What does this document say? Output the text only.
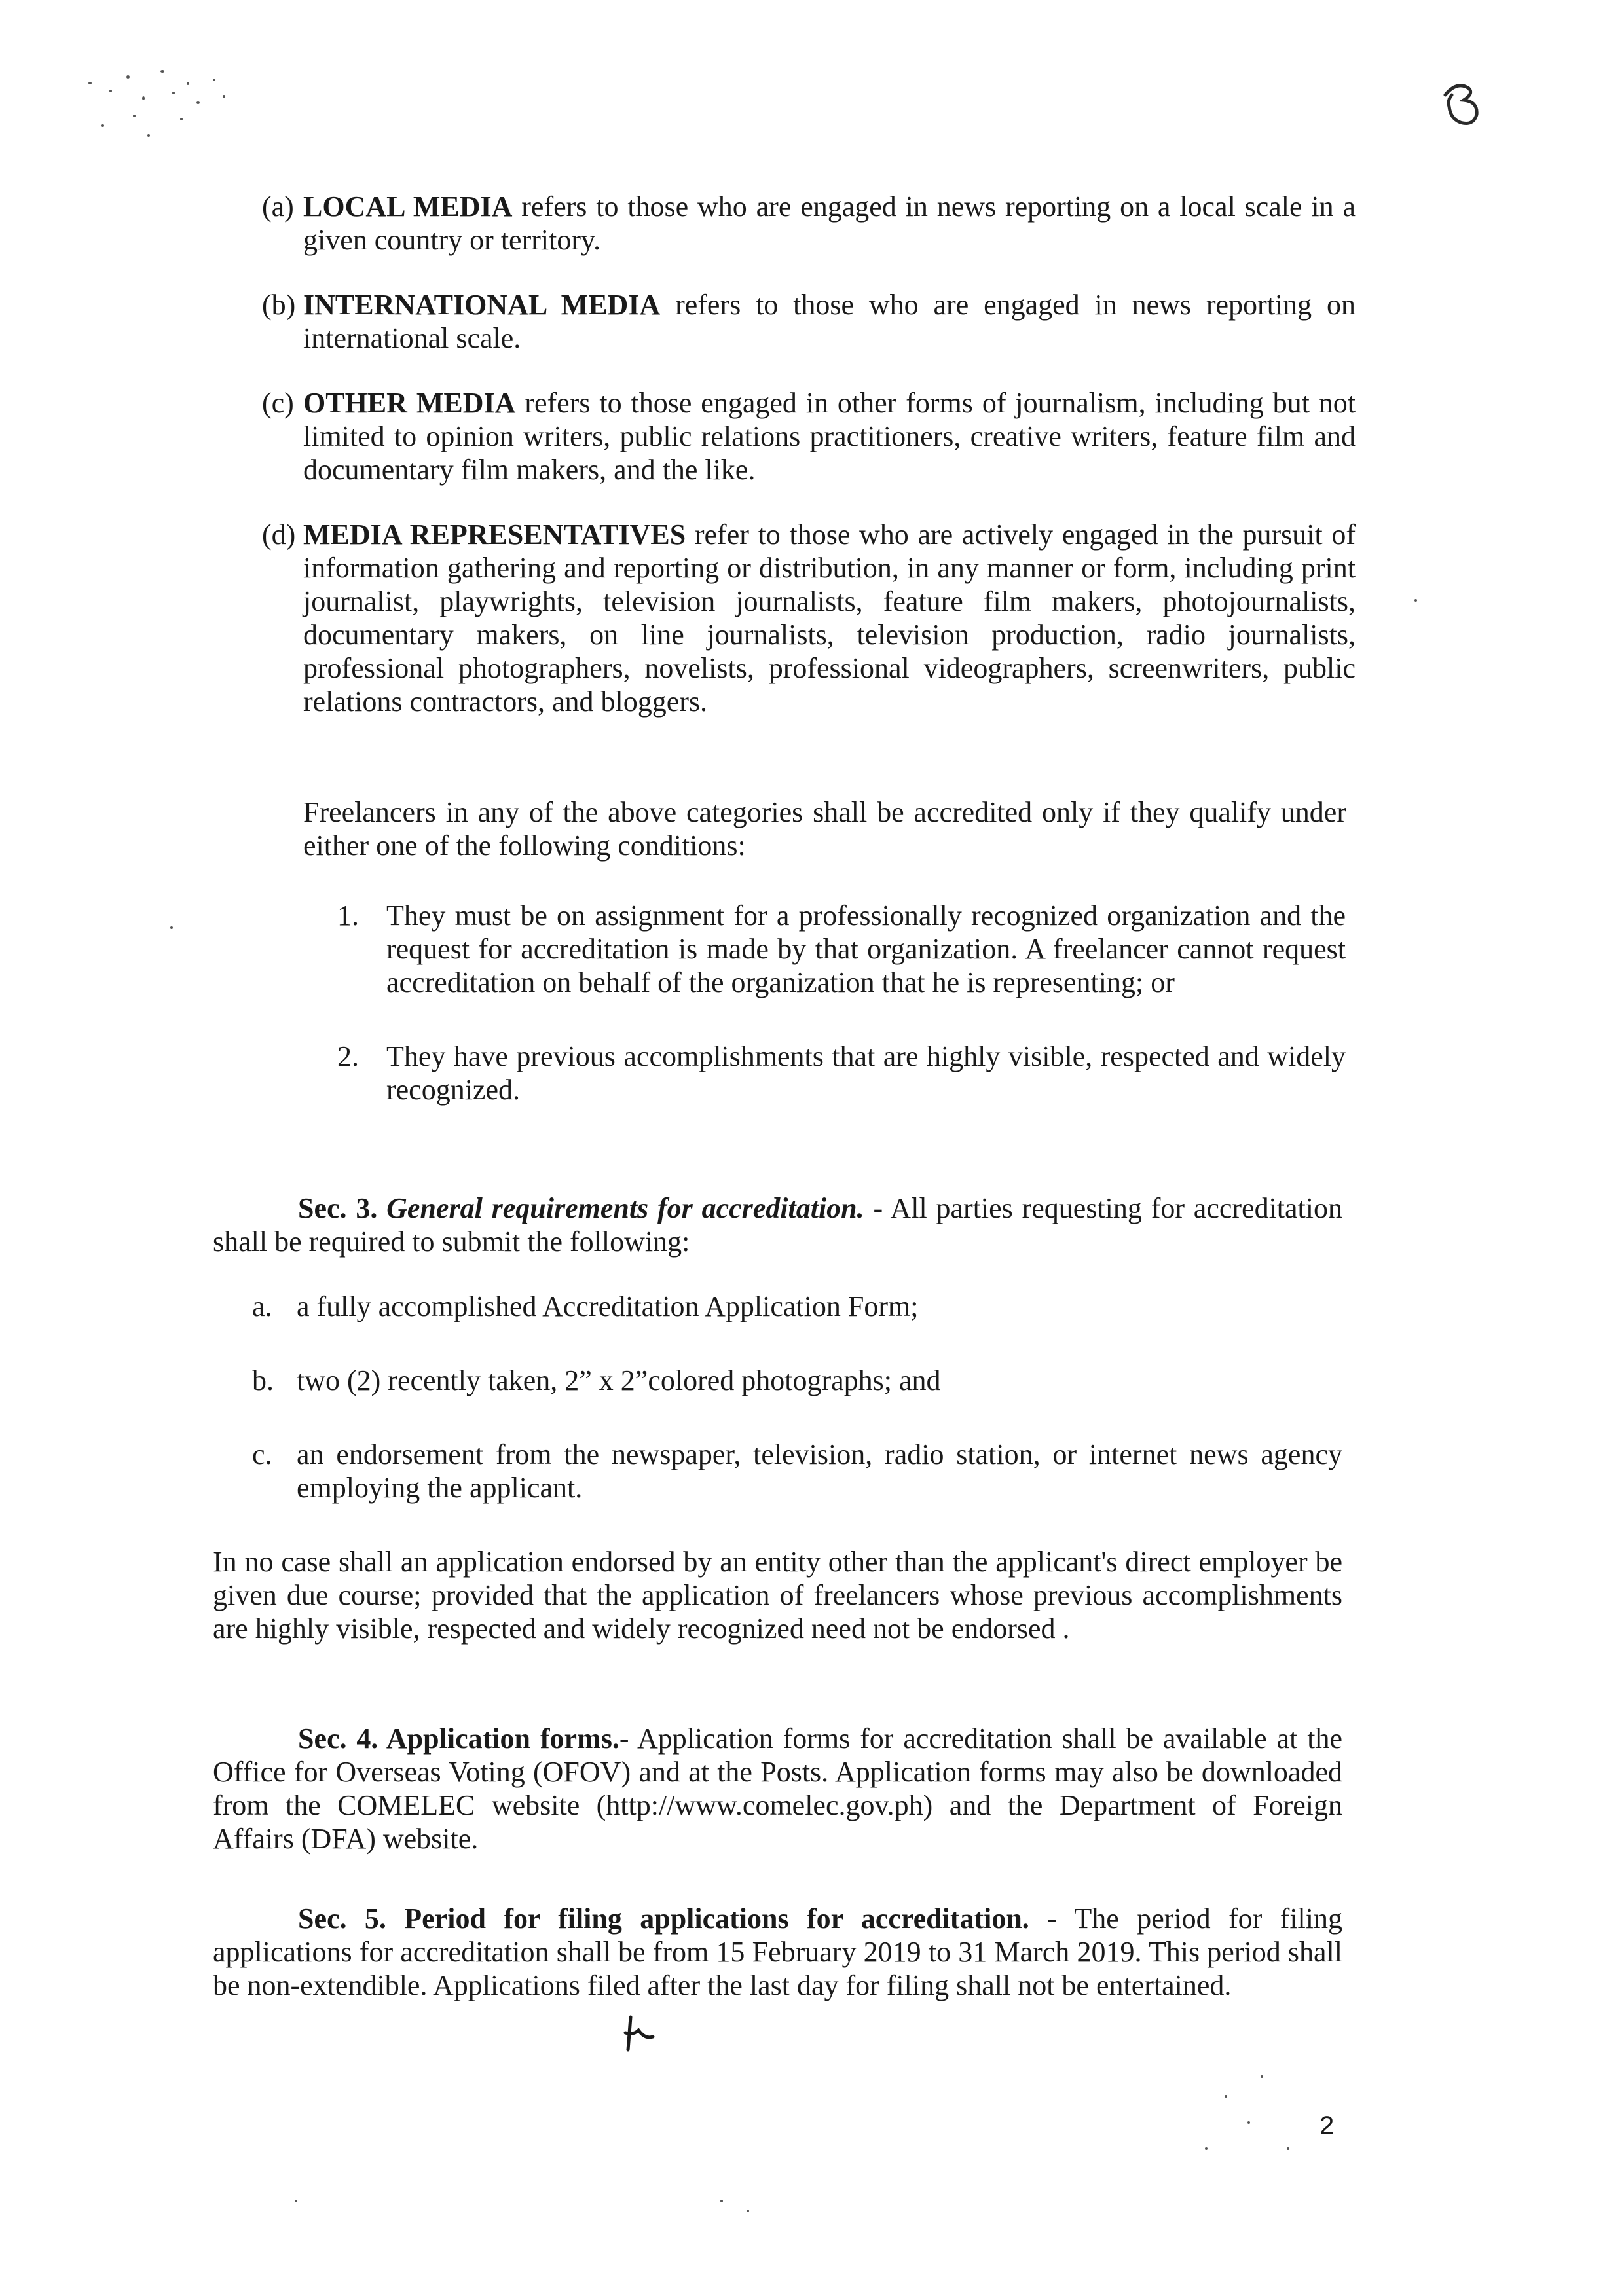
(a) LOCAL MEDIA refers to those who are engaged in news reporting on a local scale in a given country or territory.
(b) INTERNATIONAL MEDIA refers to those who are engaged in news reporting on international scale.
(c) OTHER MEDIA refers to those engaged in other forms of journalism, including but not limited to opinion writers, public relations practitioners, creative writers, feature film and documentary film makers, and the like.
(d) MEDIA REPRESENTATIVES refer to those who are actively engaged in the pursuit of information gathering and reporting or distribution, in any manner or form, including print journalist, playwrights, television journalists, feature film makers, photojournalists, documentary makers, on line journalists, television production, radio journalists, professional photographers, novelists, professional videographers, screenwriters, public relations contractors, and bloggers.
Freelancers in any of the above categories shall be accredited only if they qualify under either one of the following conditions:
1. They must be on assignment for a professionally recognized organization and the request for accreditation is made by that organization. A freelancer cannot request accreditation on behalf of the organization that he is representing; or
2. They have previous accomplishments that are highly visible, respected and widely recognized.
Sec. 3. General requirements for accreditation. - All parties requesting for accreditation shall be required to submit the following:
a. a fully accomplished Accreditation Application Form;
b. two (2) recently taken, 2” x 2”colored photographs; and
c. an endorsement from the newspaper, television, radio station, or internet news agency employing the applicant.
In no case shall an application endorsed by an entity other than the applicant's direct employer be given due course; provided that the application of freelancers whose previous accomplishments are highly visible, respected and widely recognized need not be endorsed .
Sec. 4. Application forms.- Application forms for accreditation shall be available at the Office for Overseas Voting (OFOV) and at the Posts. Application forms may also be downloaded from the COMELEC website (http://www.comelec.gov.ph) and the Department of Foreign Affairs (DFA) website.
Sec. 5. Period for filing applications for accreditation. - The period for filing applications for accreditation shall be from 15 February 2019 to 31 March 2019. This period shall be non-extendible. Applications filed after the last day for filing shall not be entertained.
2
